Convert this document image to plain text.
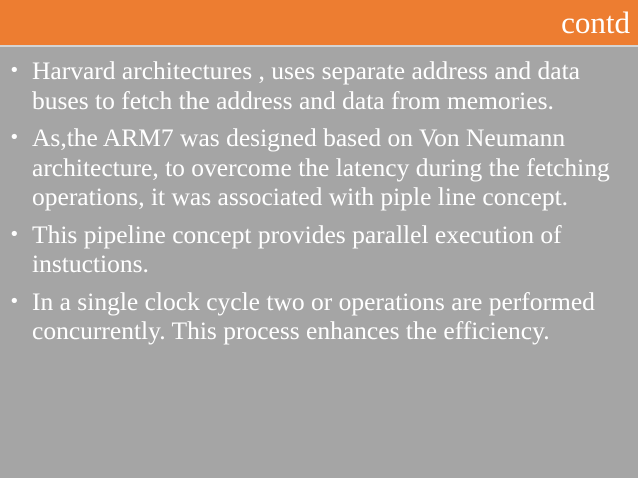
contd
• Harvard architectures , uses separate address and data buses to fetch the address and data from memories.
• As,the ARM7 was designed based on Von Neumann architecture, to overcome the latency during the fetching operations, it was associated with piple line concept.
• This pipeline concept provides parallel execution of instuctions.
• In a single clock cycle two or operations are performed concurrently. This process enhances the efficiency.
